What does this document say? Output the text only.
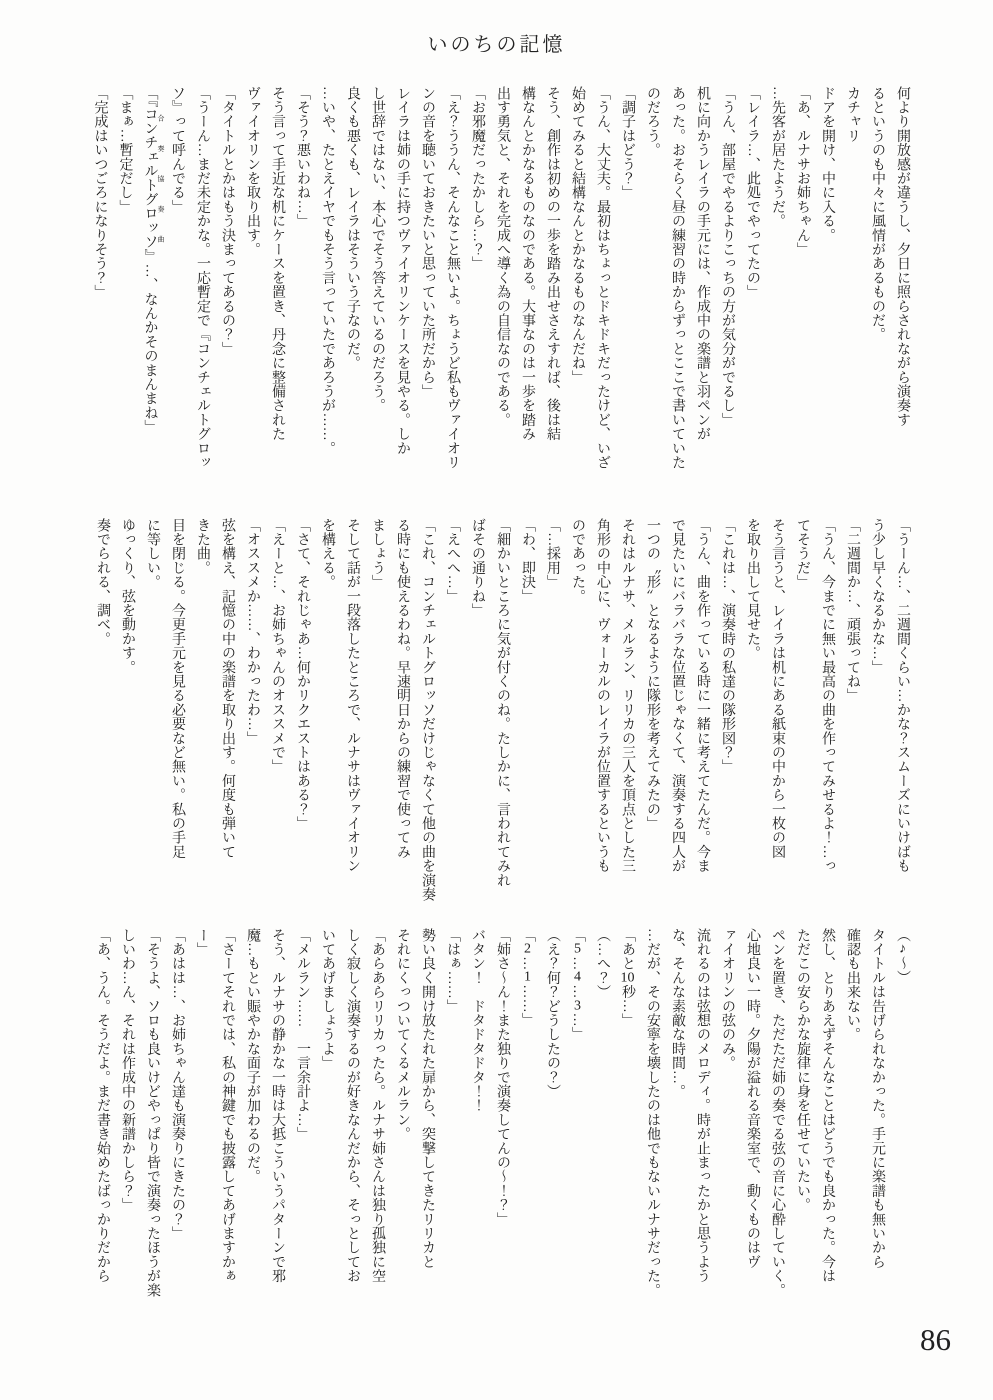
いのちの記憶

何より開放感が違うし、夕日に照らされながら演奏す

るというのも中々に風情があるものだ。

カチャリ

ドアを開け、中に入る。

「あ、ルナサお姉ちゃん」

…先客が居たようだ。

「レイラ…、此処でやってたの」

「うん、部屋でやるよりこっちの方が気分がでるし」

机に向かうレイラの手元には、作成中の楽譜と羽ペンが

あった。おそらく昼の練習の時からずっとここで書いていた

のだろう。

「調子はどう？」

「うん、大丈夫。最初はちょっとドキドキだったけど、いざ

始めてみると結構なんとかなるものなんだね」

そう、創作は初めの一歩を踏み出せさえすれば、後は結

構なんとかなるものなのである。大事なのは一歩を踏み

出す勇気と、それを完成へ導く為の自信なのである。

「お邪魔だったかしら…？」

「え？ううん、そんなこと無いよ。ちょうど私もヴァイオリ

ンの音を聴いておきたいと思っていた所だから」

レイラは姉の手に持つヴァイオリンケースを見やる。しか

し世辞ではない、本心でそう答えているのだろう。

良くも悪くも、レイラはそういう子なのだ。

…いや、たとえイヤでもそう言っていたであろうが……。

「そう？悪いわね…」

そう言って手近な机にケースを置き、丹念に整備された

ヴァイオリンを取り出す。

「タイトルとかはもう決まってあるの？」

「うーん…まだ未定かな。一応暫定で『コンチェルトグロッ

ソ』って呼んでる」

「『コンチェルトグロッソ 合奏協奏曲』…、なんかそのまんまね」

「まぁ…暫定だし」

「完成はいつごろになりそう？」

「うーん…、二週間くらい…かな？スムーズにいけばも

う少し早くなるかな…」

「二週間か…、頑張ってね」

「うん、今までに無い最高の曲を作ってみせるよ！…っ

てそうだ」

そう言うと、レイラは机にある紙束の中から一枚の図

を取り出して見せた。

「これは…、演奏時の私達の隊形図？」

「うん、曲を作っている時に一緒に考えてたんだ。今ま

で見たいにバラバラな位置じゃなくて、演奏する四人が

一つの〝形〟となるように隊形を考えてみたの」

それはルナサ、メルラン、リリカの三人を頂点とした三

角形の中心に、ヴォーカルのレイラが位置するというも

のであった。

「…採用」

「わ、即決」

「細かいところに気が付くのね。たしかに、言われてみれ

ばその通りね」

「えへへ…」

「これ、コンチェルトグロッソだけじゃなくて他の曲を演奏

る時にも使えるわね。早速明日からの練習で使ってみ

ましょう」

そして話が一段落したところで、ルナサはヴァイオリン

を構える。

「さて、それじゃあ…何かリクエストはある？」

「えーと…、お姉ちゃんのオススメで」

「オススメか……、わかったわ…」

弦を構え、記憶の中の楽譜を取り出す。何度も弾いて

きた曲。

目を閉じる。今更手元を見る必要など無い。私の手足

に等しい。

ゆっくり、弦を動かす。

奏でられる、調べ。

（♪～）

タイトルは告げられなかった。手元に楽譜も無いから

確認も出来ない。

然し、とりあえずそんなことはどうでも良かった。今は

ただこの安らかな旋律に身を任せていたい。

ペンを置き、ただただ姉の奏でる弦の音に心酔していく。

心地良い一時。夕陽が溢れる音楽室で、動くものはヴ

ァイオリンの弦のみ。

流れるのは弦想のメロディ。時が止まったかと思うよう

な、そんな素敵な時間…。

…だが、その安寧を壊したのは他でもないルナサだった。

「あと10秒…」

（…へ？）

「5…4…3…」

（え？何？どうしたの？）

「2…1……」

「姉さ～ん！また独りで演奏してんの～！？」

バタン！　ドタドタドタ！！

「はぁ……」

勢い良く開け放たれた扉から、突撃してきたリリカと

それにくっついてくるメルラン。

「あらあらリリカったら。ルナサ姉さんは独り孤独に空

しく寂しく演奏するのが好きなんだから、そっとしてお

いてあげましょうよ」

「メルラン……　一言余計よ…」

そう、ルナサの静かな一時は大抵こういうパターンで邪

魔…もとい賑やかな面子が加わるのだ。

「さーてそれでは、私の神鍵でも披露してあげますかぁ

ー」

「あはは…、お姉ちゃん達も演奏りにきたの？」

「そうよ、ソロも良いけどやっぱり皆で演奏ったほうが楽

しいわ…ん、それは作成中の新譜かしら？」

「あ、うん。そうだよ。まだ書き始めたばっかりだから

86
